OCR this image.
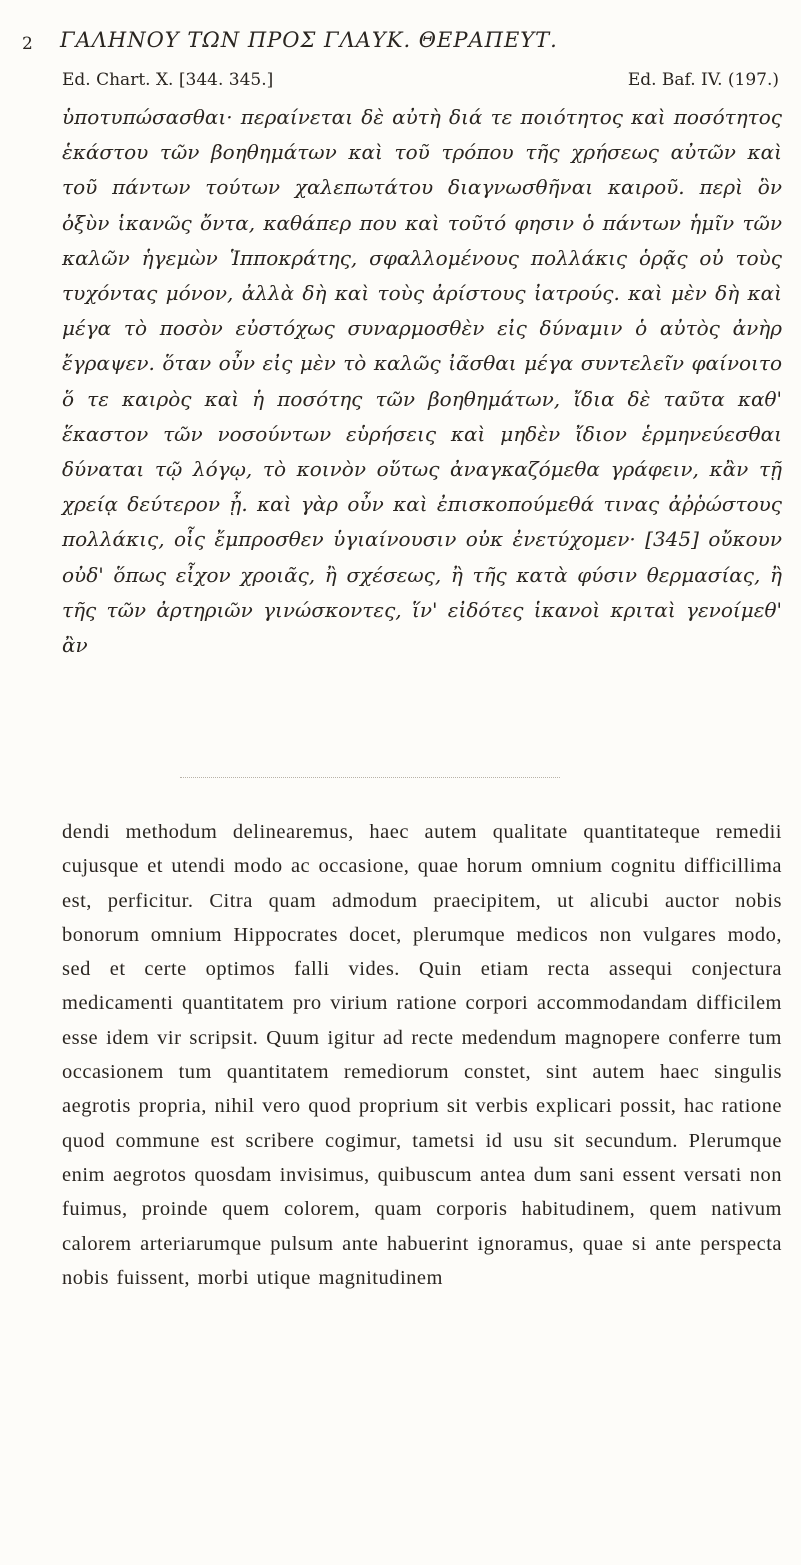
2 ΓΑΛΗΝΟΥ ΤΩΝ ΠΡΟΣ ΓΛΑΥΚ. ΘΕΡΑΠΕΥΤ.
Ed. Chart. X. [344. 345.]	Ed. Baf. IV. (197.)
ὑποτυπώσασθαι· περαίνεται δὲ αὐτὴ διά τε ποιότητος καὶ ποσότητος ἑκάστου τῶν βοηθημάτων καὶ τοῦ τρόπου τῆς χρήσεως αὐτῶν καὶ τοῦ πάντων τούτων χαλεπωτάτου διαγνωσθῆναι καιροῦ. περὶ ὃν ὀξὺν ἱκανῶς ὄντα, καθάπερ που καὶ τοῦτό φησιν ὁ πάντων ἡμῖν τῶν καλῶν ἡγεμὼν Ἱπποκράτης, σφαλλομένους πολλάκις ὁρᾷς οὐ τοὺς τυχόντας μόνον, ἀλλὰ δὴ καὶ τοὺς ἀρίστους ἰατρούς. καὶ μὲν δὴ καὶ μέγα τὸ ποσὸν εὐστόχως συναρμοσθὲν εἰς δύναμιν ὁ αὐτὸς ἀνὴρ ἔγραψεν. ὅταν οὖν εἰς μὲν τὸ καλῶς ἰᾶσθαι μέγα συντελεῖν φαίνοιτο ὅ τε καιρὸς καὶ ἡ ποσότης τῶν βοηθημάτων, ἴδια δὲ ταῦτα καθ' ἕκαστον τῶν νοσούντων εὑρήσεις καὶ μηδὲν ἴδιον ἑρμηνεύεσθαι δύναται τῷ λόγῳ, τὸ κοινὸν οὕτως ἀναγκαζόμεθα γράφειν, κἂν τῇ χρείᾳ δεύτερον ᾖ. καὶ γὰρ οὖν καὶ ἐπισκοπούμεθά τινας ἀῤῥώστους πολλάκις, οἷς ἔμπροσθεν ὑγιαίνουσιν οὐκ ἐνετύχομεν· [345] οὔκουν οὐδ' ὅπως εἶχον χροιᾶς, ἢ σχέσεως, ἢ τῆς κατὰ φύσιν θερμασίας, ἢ τῆς τῶν ἀρτηριῶν γινώσκοντες, ἵν' εἰδότες ἱκανοὶ κριταὶ γενοίμεθ' ἂν
dendi methodum delinearemus, haec autem qualitate quantitateque remedii cujusque et utendi modo ac occasione, quae horum omnium cognitu difficillima est, perficitur. Citra quam admodum praecipitem, ut alicubi auctor nobis bonorum omnium Hippocrates docet, plerumque medicos non vulgares modo, sed et certe optimos falli vides. Quin etiam recta assequi conjectura medicamenti quantitatem pro virium ratione corpori accommodandam difficilem esse idem vir scripsit. Quum igitur ad recte medendum magnopere conferre tum occasionem tum quantitatem remediorum constet, sint autem haec singulis aegrotis propria, nihil vero quod proprium sit verbis explicari possit, hac ratione quod commune est scribere cogimur, tametsi id usu sit secundum. Plerumque enim aegrotos quosdam invisimus, quibuscum antea dum sani essent versati non fuimus, proinde quem colorem, quam corporis habitudinem, quem nativum calorem arteriarumque pulsum ante habuerint ignoramus, quae si ante perspecta nobis fuissent, morbi utique magnitudinem
